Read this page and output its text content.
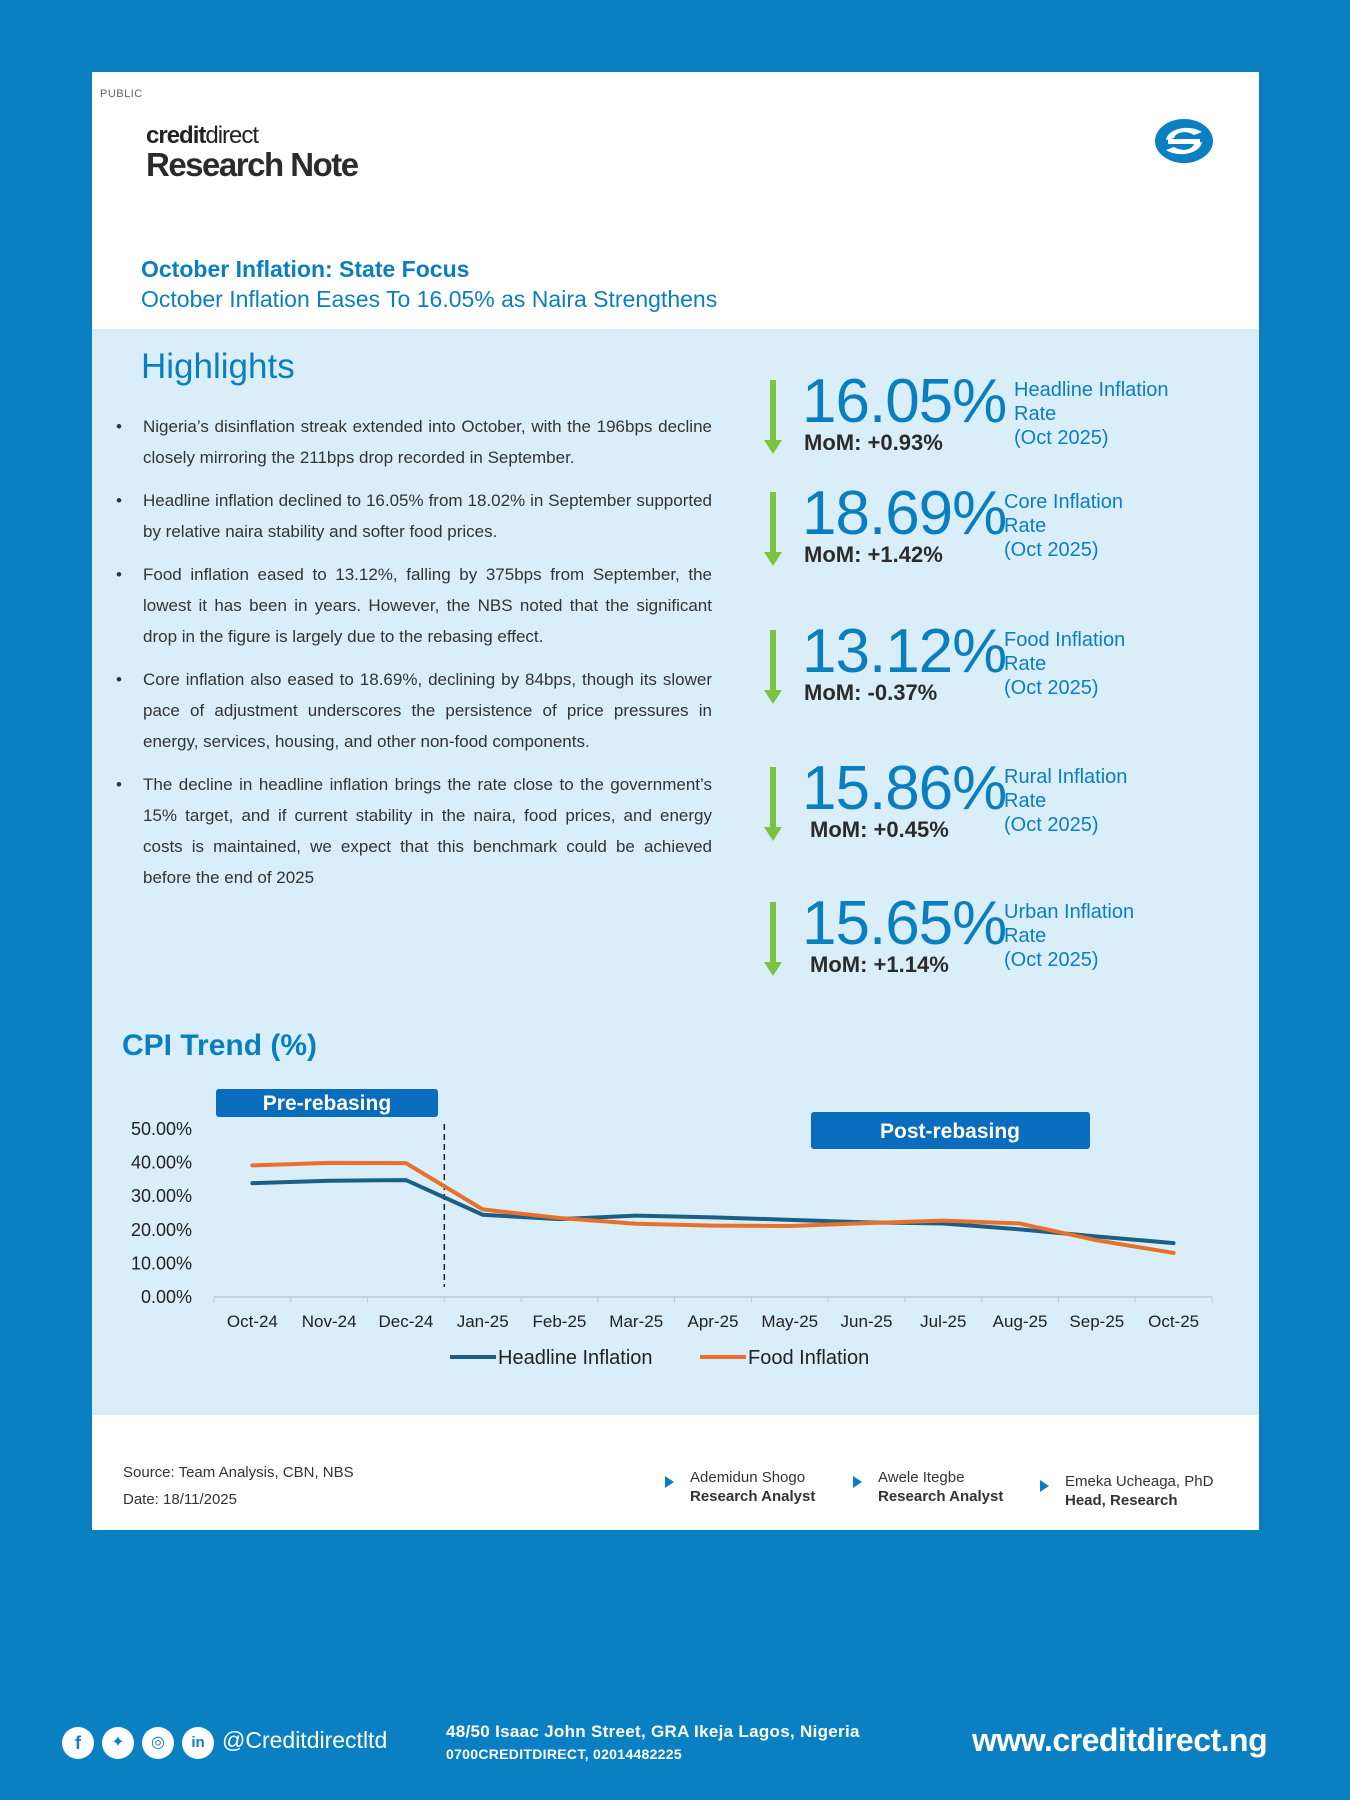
PUBLIC
creditdirect
Research Note
October Inflation: State Focus
October Inflation Eases To 16.05% as Naira Strengthens
Highlights
• Nigeria’s disinflation streak extended into October, with the 196bps decline closely mirroring the 211bps drop recorded in September.
• Headline inflation declined to 16.05% from 18.02% in September supported by relative naira stability and softer food prices.
• Food inflation eased to 13.12%, falling by 375bps from September, the lowest it has been in years. However, the NBS noted that the significant drop in the figure is largely due to the rebasing effect.
• Core inflation also eased to 18.69%, declining by 84bps, though its slower pace of adjustment underscores the persistence of price pressures in energy, services, housing, and other non-food components.
• The decline in headline inflation brings the rate close to the government’s 15% target, and if current stability in the naira, food prices, and energy costs is maintained, we expect that this benchmark could be achieved before the end of 2025
16.05%
MoM: +0.93%
Headline Inflation
Rate
(Oct 2025)
18.69%
MoM: +1.42%
Core Inflation
Rate
(Oct 2025)
13.12%
MoM: -0.37%
Food Inflation
Rate
(Oct 2025)
15.86%
MoM: +0.45%
Rural Inflation
Rate
(Oct 2025)
15.65%
MoM: +1.14%
Urban Inflation
Rate
(Oct 2025)
CPI Trend (%)
0.00%
10.00%
20.00%
30.00%
40.00%
50.00%
Oct-24 Nov-24 Dec-24 Jan-25 Feb-25 Mar-25 Apr-25 May-25 Jun-25 Jul-25 Aug-25 Sep-25 Oct-25
Pre-rebasing
Post-rebasing
Headline Inflation	Food Inflation
Source: Team Analysis, CBN, NBS
Date: 18/11/2025
Ademidun Shogo
Research Analyst
Awele Itegbe
Research Analyst
Emeka Ucheaga, PhD
Head, Research
f	✦	◎	in @Creditdirectltd	48/50 Isaac John Street, GRA Ikeja Lagos, Nigeria
0700CREDITDIRECT, 02014482225	www.creditdirect.ng
